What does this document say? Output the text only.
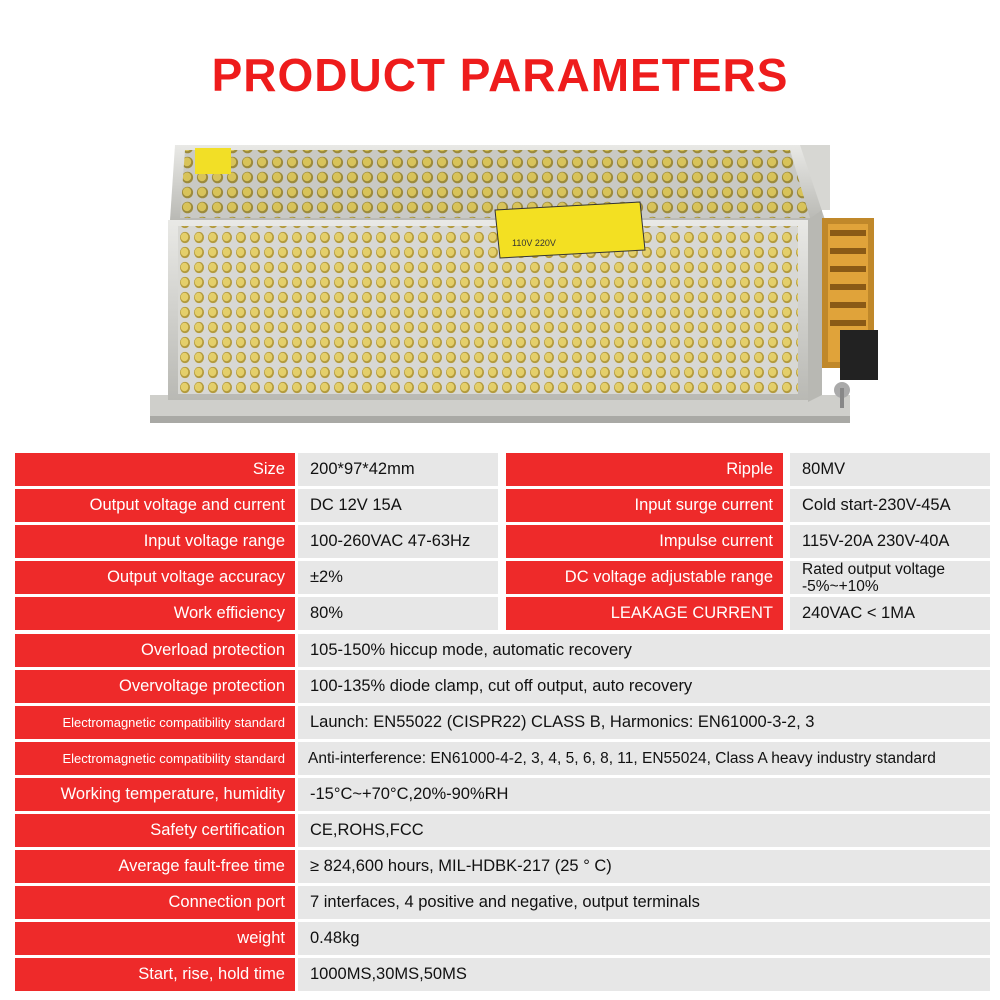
PRODUCT PARAMETERS
110V 220V
Size	200*97*42mm	Ripple	80MV
Output voltage and current	DC 12V 15A	Input surge current	Cold start-230V-45A
Input voltage range	100-260VAC 47-63Hz	Impulse current	115V-20A 230V-40A
Output voltage accuracy	±2%	DC voltage adjustable range	Rated output voltage
-5%~+10%
Work efficiency	80%	LEAKAGE CURRENT	240VAC < 1MA
Overload protection	105-150% hiccup mode, automatic recovery
Overvoltage protection	100-135% diode clamp, cut off output, auto recovery
Electromagnetic compatibility standard	Launch: EN55022 (CISPR22) CLASS B, Harmonics: EN61000-3-2, 3
Electromagnetic compatibility standard	Anti-interference: EN61000-4-2, 3, 4, 5, 6, 8, 11, EN55024, Class A heavy industry standard
Working temperature, humidity	-15°C~+70°C,20%-90%RH
Safety certification	CE,ROHS,FCC
Average fault-free time	≥ 824,600 hours, MIL-HDBK-217 (25 ° C)
Connection port	7 interfaces, 4 positive and negative, output terminals
weight	0.48kg
Start, rise, hold time	1000MS,30MS,50MS
